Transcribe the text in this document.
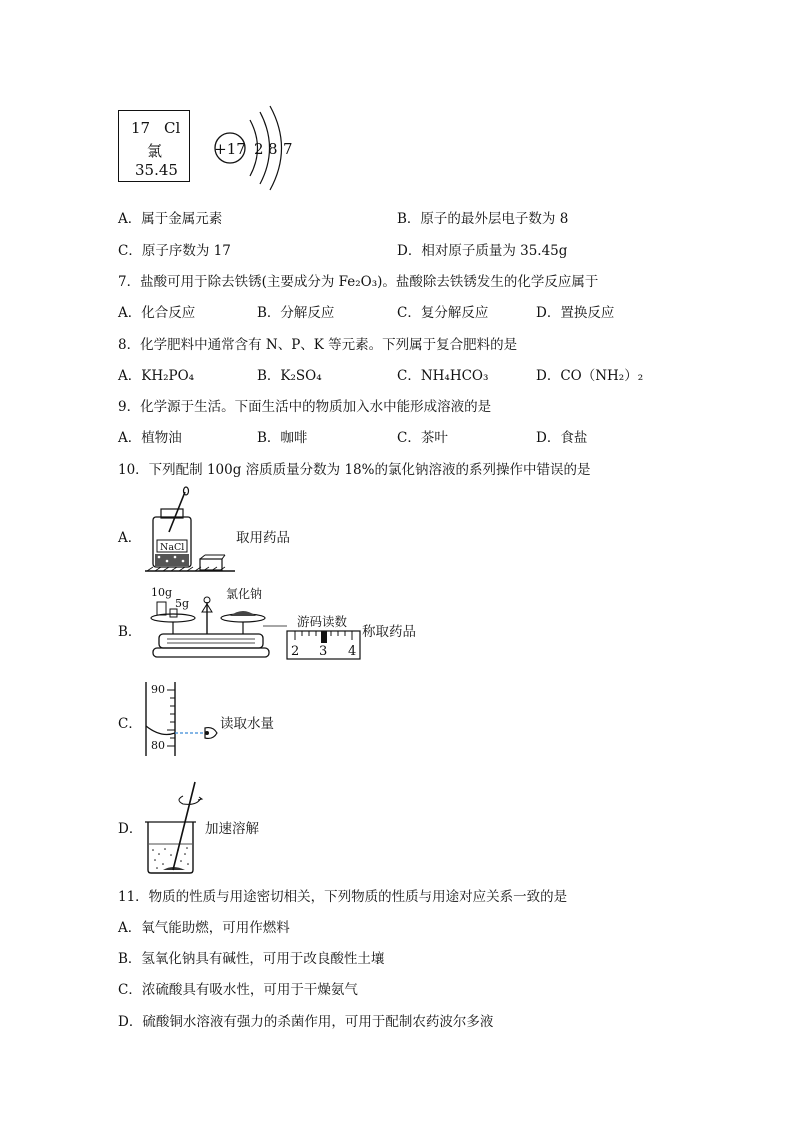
17 Cl
氯
35.45
+17 2 8 7
A．属于金属元素	B．原子的最外层电子数为 8
C．原子序数为 17	D．相对原子质量为 35.45g
7．盐酸可用于除去铁锈(主要成分为 Fe₂O₃)。盐酸除去铁锈发生的化学反应属于
A．化合反应	B．分解反应	C．复分解反应	D．置换反应
8．化学肥料中通常含有 N、P、K 等元素。下列属于复合肥料的是
A．KH₂PO₄	B．K₂SO₄	C．NH₄HCO₃	D．CO（NH₂）₂
9．化学源于生活。下面生活中的物质加入水中能形成溶液的是
A．植物油	B．咖啡	C．茶叶	D．食盐
10．下列配制 100g 溶质质量分数为 18%的氯化钠溶液的系列操作中错误的是
A．
NaCl
取用药品
B．
10g
5g
氯化钠
游码读数
2 3 4
称取药品
C．
90
80
读取水量
D．	加速溶解
11．物质的性质与用途密切相关，下列物质的性质与用途对应关系一致的是
A．氧气能助燃，可用作燃料
B．氢氧化钠具有碱性，可用于改良酸性土壤
C．浓硫酸具有吸水性，可用于干燥氨气
D．硫酸铜水溶液有强力的杀菌作用，可用于配制农药波尔多液
